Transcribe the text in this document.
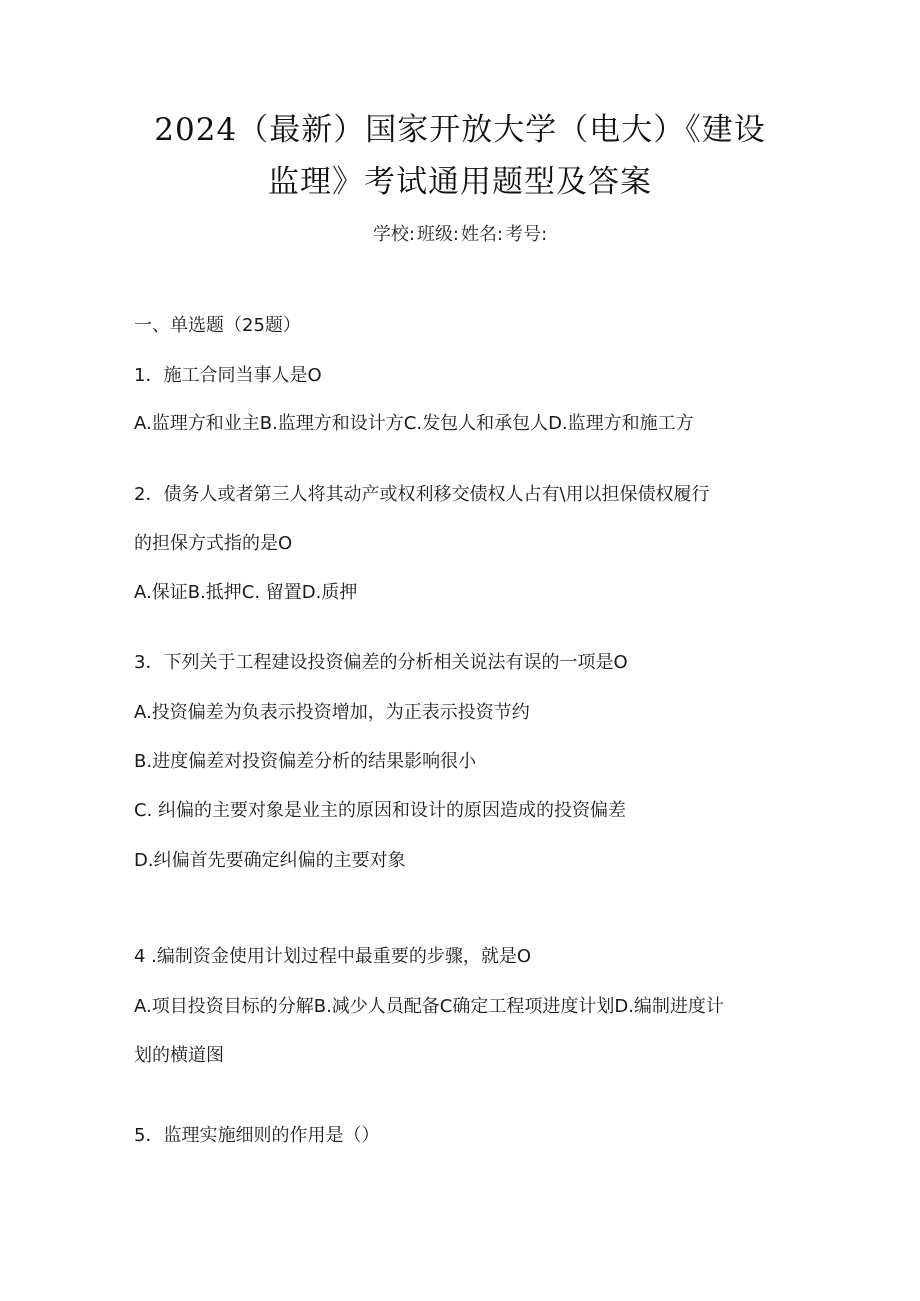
2024（最新）国家开放大学（电大）《建设
监理》考试通用题型及答案
学校: 班级: 姓名: 考号:
一、单选题（25题）
1．施工合同当事人是O
A.监理方和业主B.监理方和设计方C.发包人和承包人D.监理方和施工方
2．债务人或者第三人将其动产或权利移交债权人占有\用以担保债权履行
的担保方式指的是O
A.保证B.抵押C. 留置D.质押
3．下列关于工程建设投资偏差的分析相关说法有误的一项是O
A.投资偏差为负表示投资增加，为正表示投资节约
B.进度偏差对投资偏差分析的结果影响很小
C. 纠偏的主要对象是业主的原因和设计的原因造成的投资偏差
D.纠偏首先要确定纠偏的主要对象
4 .编制资金使用计划过程中最重要的步骤，就是O
A.项目投资目标的分解B.减少人员配备C确定工程项进度计划D.编制进度计
划的横道图
5．监理实施细则的作用是（）
